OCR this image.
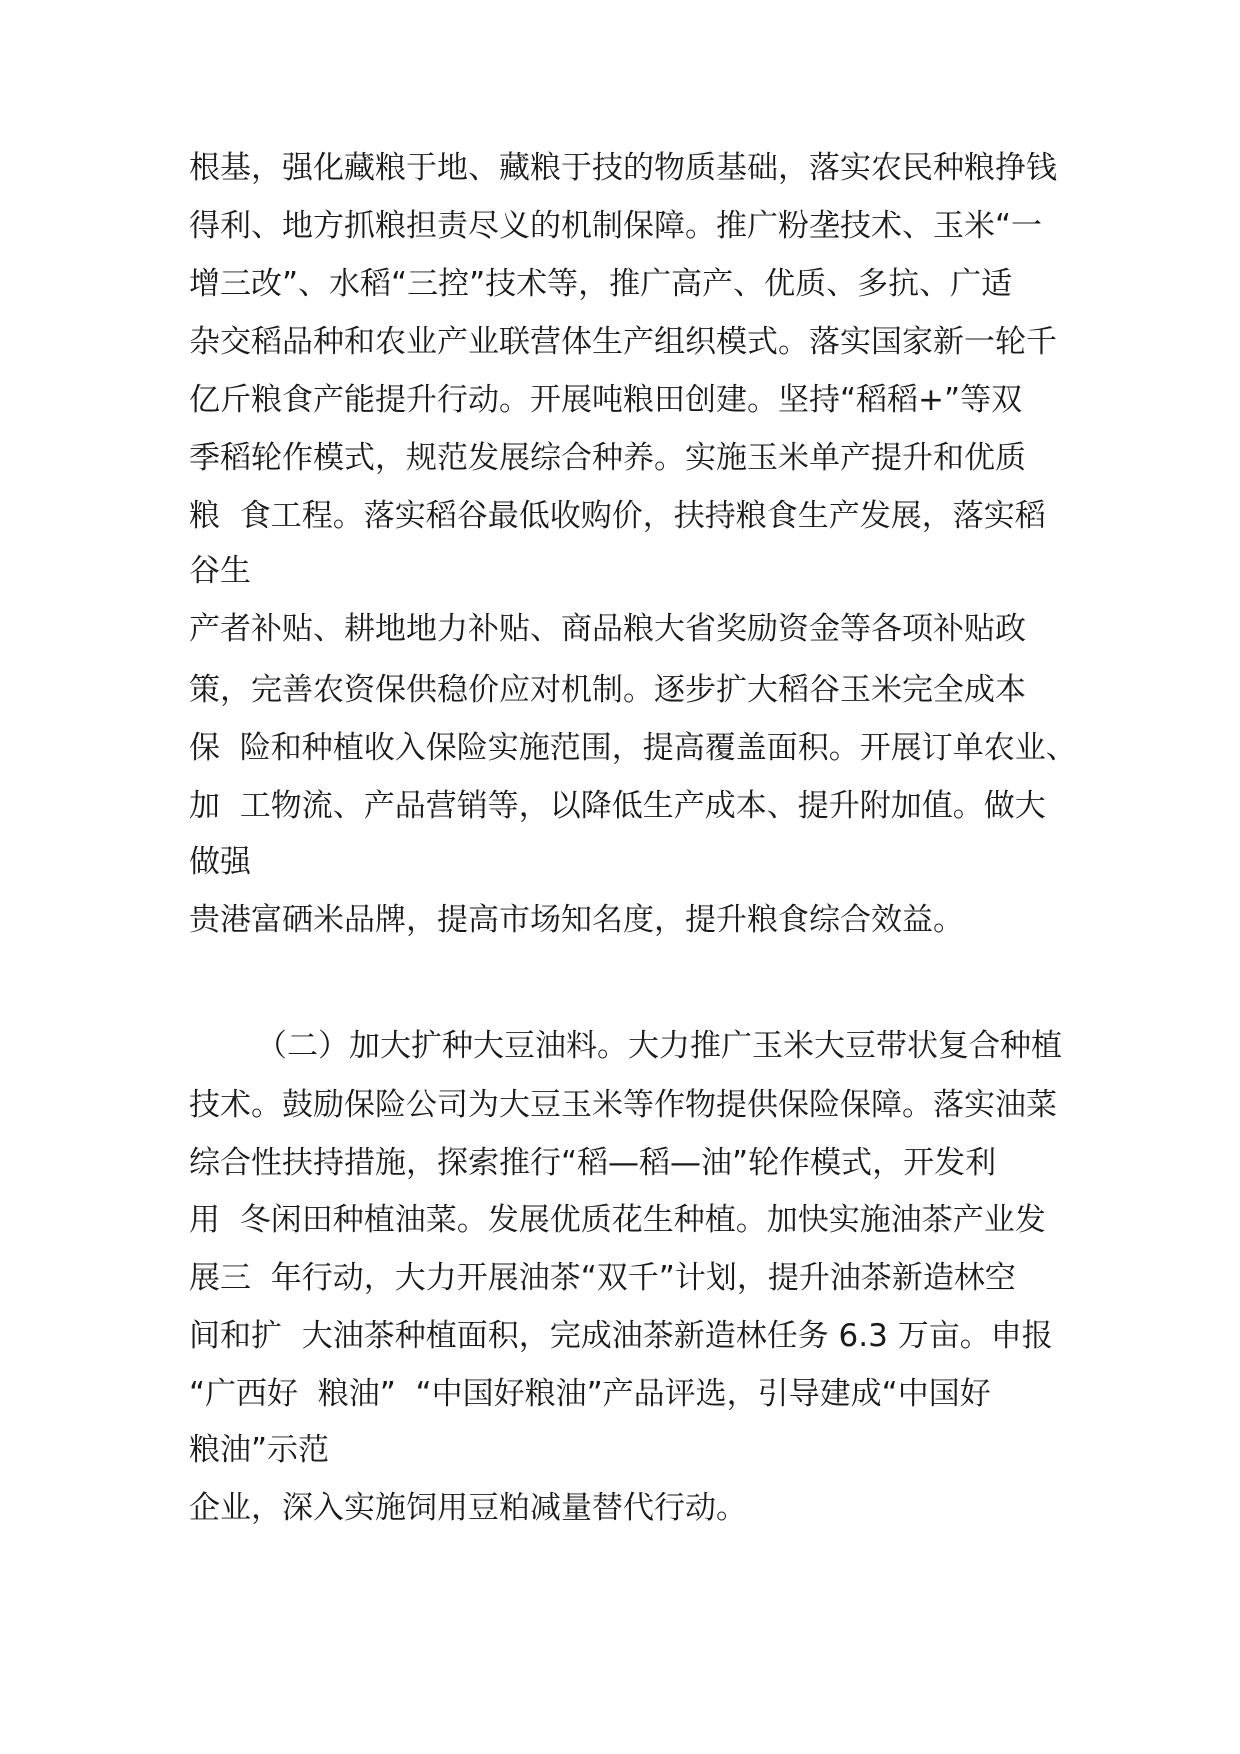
根基，强化藏粮于地、藏粮于技的物质基础，落实农民种粮挣钱

得利、地方抓粮担责尽义的机制保障。推广粉垄技术、玉米“一

增三改”、水稻“三控”技术等，推广高产、优质、多抗、广适

杂交稻品种和农业产业联营体生产组织模式。落实国家新一轮千

亿斤粮食产能提升行动。开展吨粮田创建。坚持“稻稻+”等双

季稻轮作模式，规范发展综合种养。实施玉米单产提升和优质

粮  食工程。落实稻谷最低收购价，扶持粮食生产发展，落实稻

谷生

产者补贴、耕地地力补贴、商品粮大省奖励资金等各项补贴政

策，完善农资保供稳价应对机制。逐步扩大稻谷玉米完全成本

保  险和种植收入保险实施范围，提高覆盖面积。开展订单农业、

加  工物流、产品营销等，以降低生产成本、提升附加值。做大

做强

贵港富硒米品牌，提高市场知名度，提升粮食综合效益。

（二）加大扩种大豆油料。大力推广玉米大豆带状复合种植

技术。鼓励保险公司为大豆玉米等作物提供保险保障。落实油菜

综合性扶持措施，探索推行“稻—稻—油”轮作模式，开发利

用  冬闲田种植油菜。发展优质花生种植。加快实施油茶产业发

展三  年行动，大力开展油茶“双千”计划，提升油茶新造林空

间和扩  大油茶种植面积，完成油茶新造林任务 6.3 万亩。申报

“广西好  粮油”  “中国好粮油”产品评选，引导建成“中国好

粮油”示范

企业，深入实施饲用豆粕减量替代行动。
